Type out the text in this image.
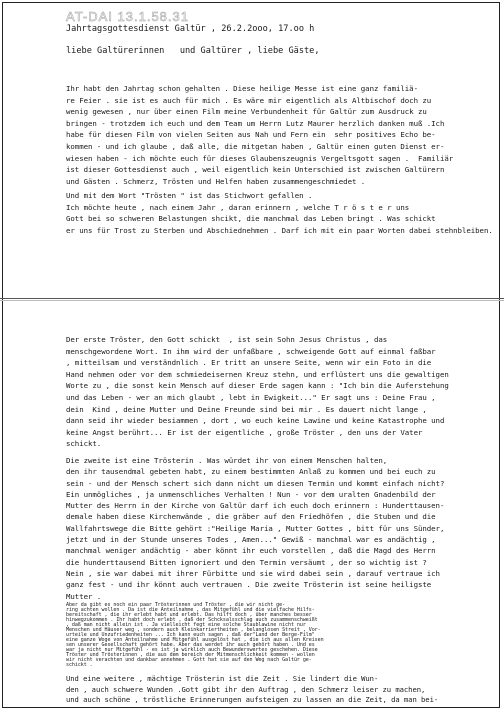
AT-DAI 13.1.58.31
Jahrtagsgottesdienst Galtür , 26.2.2ooo, 17.oo h
liebe Galtürerinnen   und Galtürer , liebe Gäste,
Ihr habt den Jahrtag schon gehalten . Diese heilige Messe ist eine ganz familiä-
re Feier . sie ist es auch für mich . Es wäre mir eigentlich als Altbischof doch zu
wenig gewesen , nur über einen Film meine Verbundenheit für Galtür zum Ausdruck zu
bringen - trotzdem ich euch und dem Team um Herrn Lutz Maurer herzlich danken muß .Ich
habe für diesen Film von vielen Seiten aus Nah und Fern ein  sehr positives Echo be-
kommen - und ich glaube , daß alle, die mitgetan haben , Galtür einen guten Dienst er-
wiesen haben - ich möchte euch für dieses Glaubenszeugnis Vergeltsgott sagen .  Familiär
ist dieser Gottesdienst auch , weil eigentlich kein Unterschied ist zwischen Galtürern
und Gästen . Schmerz, Trösten und Helfen haben zusammengeschmiedet .
Und mit dem Wort "Trösten " ist das Stichwort gefallen .
Ich möchte heute , nach einem Jahr , daran erinnern , welche T r ö s t e r uns
Gott bei so schweren Belastungen shcikt, die manchmal das Leben bringt . Was schickt
er uns für Trost zu Sterben und Abschiednehmen . Darf ich mit ein paar Worten dabei stehnbleiben.
Der erste Tröster, den Gott schickt  , ist sein Sohn Jesus Christus , das
menschgewordene Wort. In ihm wird der unfaßbare , schweigende Gott auf einmal faßbar
, mitteilsam und verständnlich . Er tritt an unsere Seite, wenn wir ein Foto in die
Hand nehmen oder vor dem schmiedeisernen Kreuz stehn, und erflüstert uns die gewaltigen
Worte zu , die sonst kein Mensch auf dieser Erde sagen kann : "Ich bin die Auferstehung
und das Leben - wer an mich glaubt , lebt in Ewigkeit..." Er sagt uns : Deine Frau ,
dein  Kind , deine Mutter und Deine Freunde sind bei mir . Es dauert nicht lange ,
dann seid ihr wieder besiammen , dort , wo euch keine Lawine und keine Katastrophe und
keine Angst berührt... Er ist der eigentliche , große Tröster , den uns der Vater
schickt.
Die zweite ist eine Trösterin . Was würdet ihr von einem Menschen halten,
den ihr tausendmal gebeten habt, zu einem bestimmten Anlaß zu kommen und bei euch zu
sein - und der Mensch schert sich dann nicht um diesen Termin und kommt einfach nicht?
Ein unmögliches , ja unmenschliches Verhalten ! Nun - vor dem uralten Gnadenbild der
Mutter des Herrn in der Kirche von Galtür darf ich euch doch erinnern : Hunderttausen-
demale haben diese Kirchenwände , die gräber auf den Friedhöfen , die Stuben und die
Wallfahrtswege die Bitte gehört :"Heilige Maria , Mutter Gottes , bitt für uns Sünder,
jetzt und in der Stunde unseres Todes , Amen..." Gewiß - manchmal war es andächtig ,
manchmal weniger andächtig - aber könnt ihr euch vorstellen , daß die Magd des Herrn
die hunderttausend Bitten ignoriert und den Termin versäumt , der so wichtig ist ?
Nein , sie war dabei mit ihrer Fürbitte und sie wird dabei sein , darauf vertraue ich
ganz fest - und ihr könnt auch vertrauen . Die zweite Trösterin ist seine heiligste
Mutter .
Aber da gibt es noch ein paar Trösterinnen und Tröster , die wir nicht ge-
ring achten wollen . Da ist die Anteilnahme , das Mitgefühl und die vielfache Hilfs-
bereitschaft , die ihr erlebt habt und erlebt. Das hilft doch , über manches besser
hinwegzukommen . Ihr habt doch erlebt , daß der Schcksalsschlag auch zusammenschweißt
, daß man nicht allein ist . Ja vielleicht fegt eine solche Staublawine nicht nur
Menschen und Häuser weg , sondern auch Kleinkarriertheiten , belanglosen Streit , Vor-
urteile und Unzufriedenheiten ... Ich kann euch sagen , daß der"Land der Berge-Film"
eine ganze Woge von Anteilnahme und Mitgefühl ausgelöst hat , die ich aus allen Kreisen
sen unserer Gesellschaft gehört habe. Aber das werdet ihr auch gehört haben . Und es
war ja nicht nur Mitgefühl - es ist ja wirklich auch Bewunderswertes geschehen. Diese
Tröster und Trösterinnen , die aus dem bereich der Mitmenschlichkeit kommen - wollen
wir nicht verachten und dankbar annehmen . Gott hat sie auf den Weg nach Galtür ge-
schickt .
Und eine weitere , mächtige Trösterin ist die Zeit . Sie lindert die Wun-
den , auch schwere Wunden .Gott gibt ihr den Auftrag , den Schmerz leiser zu machen,
und auch schöne , tröstliche Erinnerungen aufsteigen zu lassen an die Zeit, da man bei-
